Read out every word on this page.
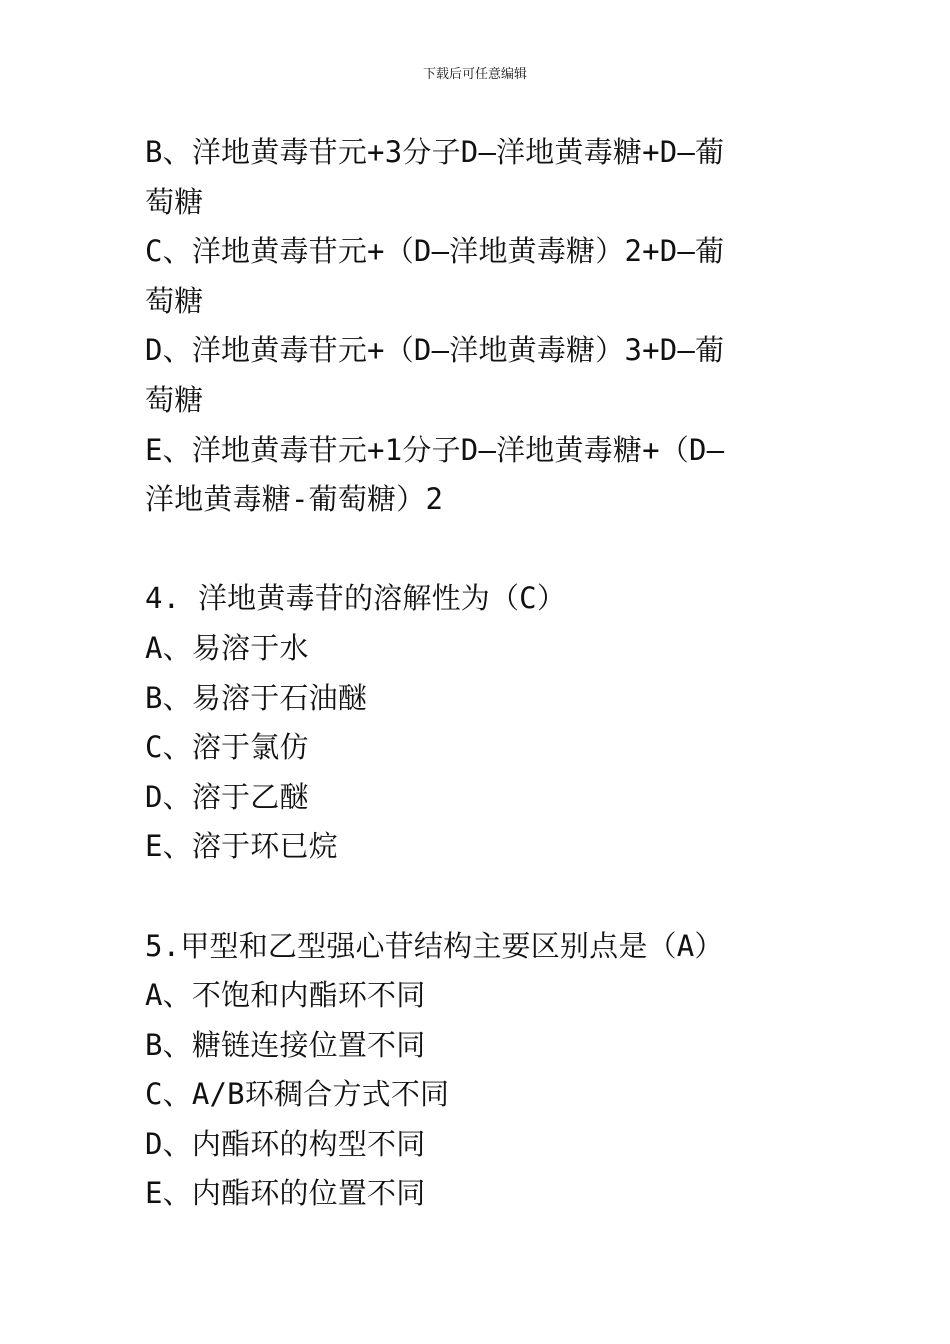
下载后可任意编辑

B、洋地黄毒苷元+3分子D—洋地黄毒糖+D—葡

萄糖

C、洋地黄毒苷元+（D—洋地黄毒糖）2+D—葡

萄糖

D、洋地黄毒苷元+（D—洋地黄毒糖）3+D—葡

萄糖

E、洋地黄毒苷元+1分子D—洋地黄毒糖+（D—

洋地黄毒糖-葡萄糖）2

4. 洋地黄毒苷的溶解性为（C）

A、易溶于水

B、易溶于石油醚

C、溶于氯仿

D、溶于乙醚

E、溶于环已烷

5.甲型和乙型强心苷结构主要区别点是（A）

A、不饱和内酯环不同

B、糖链连接位置不同

C、A/B环稠合方式不同

D、内酯环的构型不同

E、内酯环的位置不同
